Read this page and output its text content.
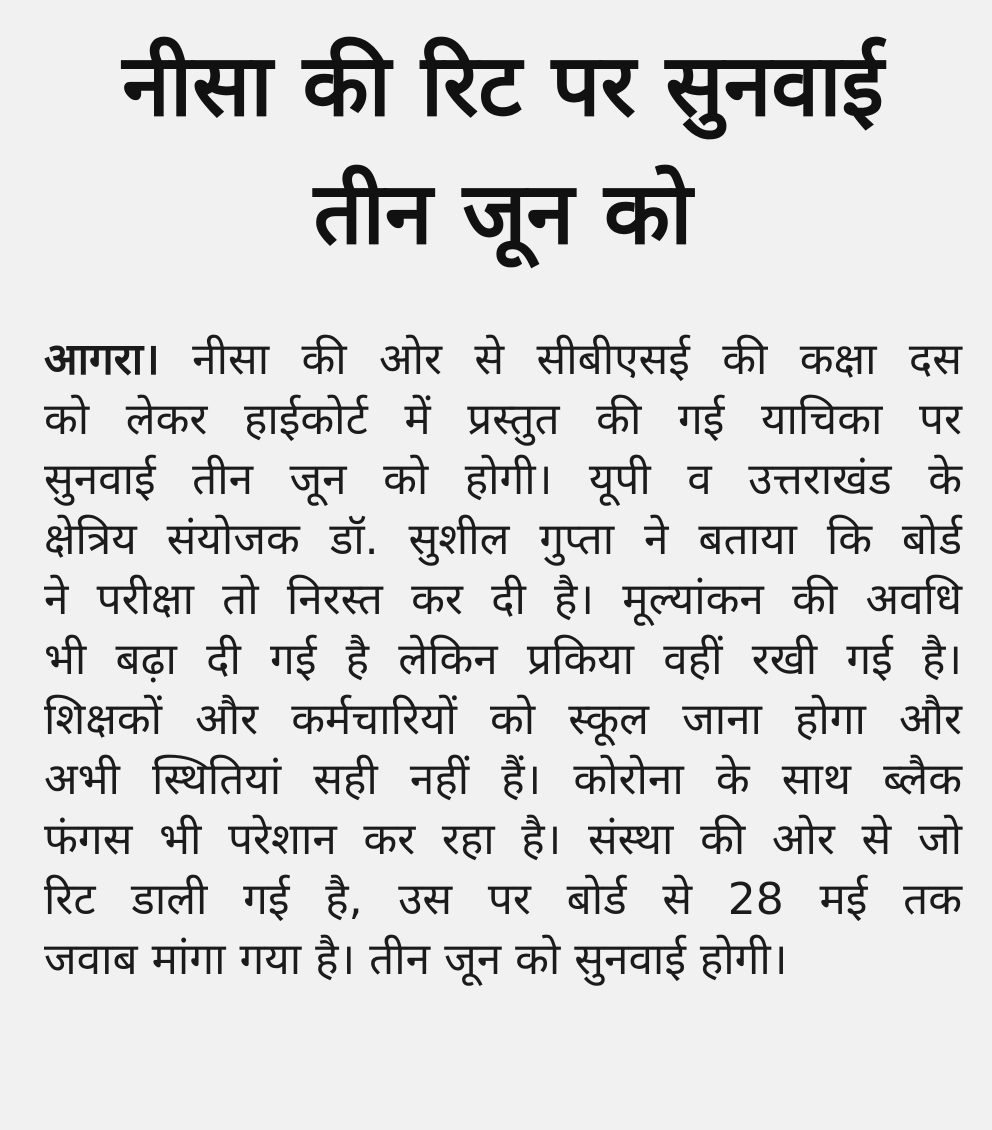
नीसा की रिट पर सुनवाई
तीन जून को
आगरा। नीसा की ओर से सीबीएसई की कक्षा दस
को लेकर हाईकोर्ट में प्रस्तुत की गई याचिका पर
सुनवाई तीन जून को होगी। यूपी व उत्तराखंड के
क्षेत्रिय संयोजक डॉ. सुशील गुप्ता ने बताया कि बोर्ड
ने परीक्षा तो निरस्त कर दी है। मूल्यांकन की अवधि
भी बढ़ा दी गई है लेकिन प्रकिया वहीं रखी गई है।
शिक्षकों और कर्मचारियों को स्कूल जाना होगा और
अभी स्थितियां सही नहीं हैं। कोरोना के साथ ब्लैक
फंगस भी परेशान कर रहा है। संस्था की ओर से जो
रिट डाली गई है, उस पर बोर्ड से 28 मई तक
जवाब मांगा गया है। तीन जून को सुनवाई होगी।
